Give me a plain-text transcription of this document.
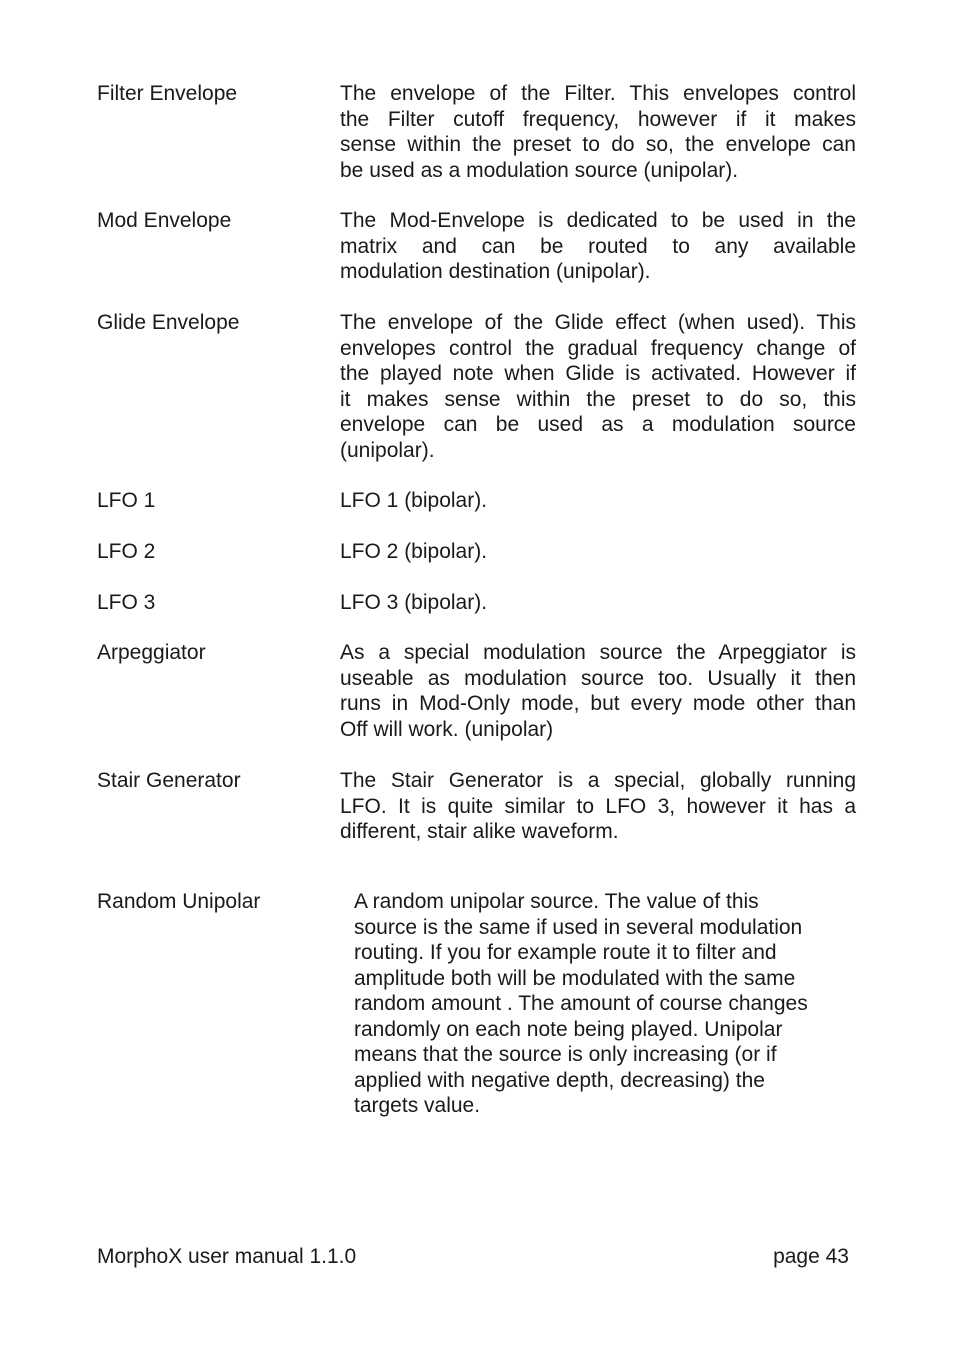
Filter Envelope	The envelope of the Filter. This envelopes control
the Filter cutoff frequency, however if it makes
sense within the preset to do so, the envelope can
be used as a modulation source (unipolar).
Mod Envelope	The Mod-Envelope is dedicated to be used in the
matrix and can be routed to any available
modulation destination (unipolar).
Glide Envelope	The envelope of the Glide effect (when used). This
envelopes control the gradual frequency change of
the played note when Glide is activated. However if
it makes sense within the preset to do so, this
envelope can be used as a modulation source
(unipolar).
LFO 1	LFO 1 (bipolar).
LFO 2	LFO 2 (bipolar).
LFO 3	LFO 3 (bipolar).
Arpeggiator	As a special modulation source the Arpeggiator is
useable as modulation source too. Usually it then
runs in Mod-Only mode, but every mode other than
Off will work. (unipolar)
Stair Generator	The Stair Generator is a special, globally running
LFO. It is quite similar to LFO 3, however it has a
different, stair alike waveform.
Random Unipolar	A random unipolar source. The value of this
source is the same if used in several modulation
routing. If you for example route it to filter and
amplitude both will be modulated with the same
random amount . The amount of course changes
randomly on each note being played. Unipolar
means that the source is only increasing (or if
applied with negative depth, decreasing) the
targets value.
MorphoX user manual 1.1.0	page 43
